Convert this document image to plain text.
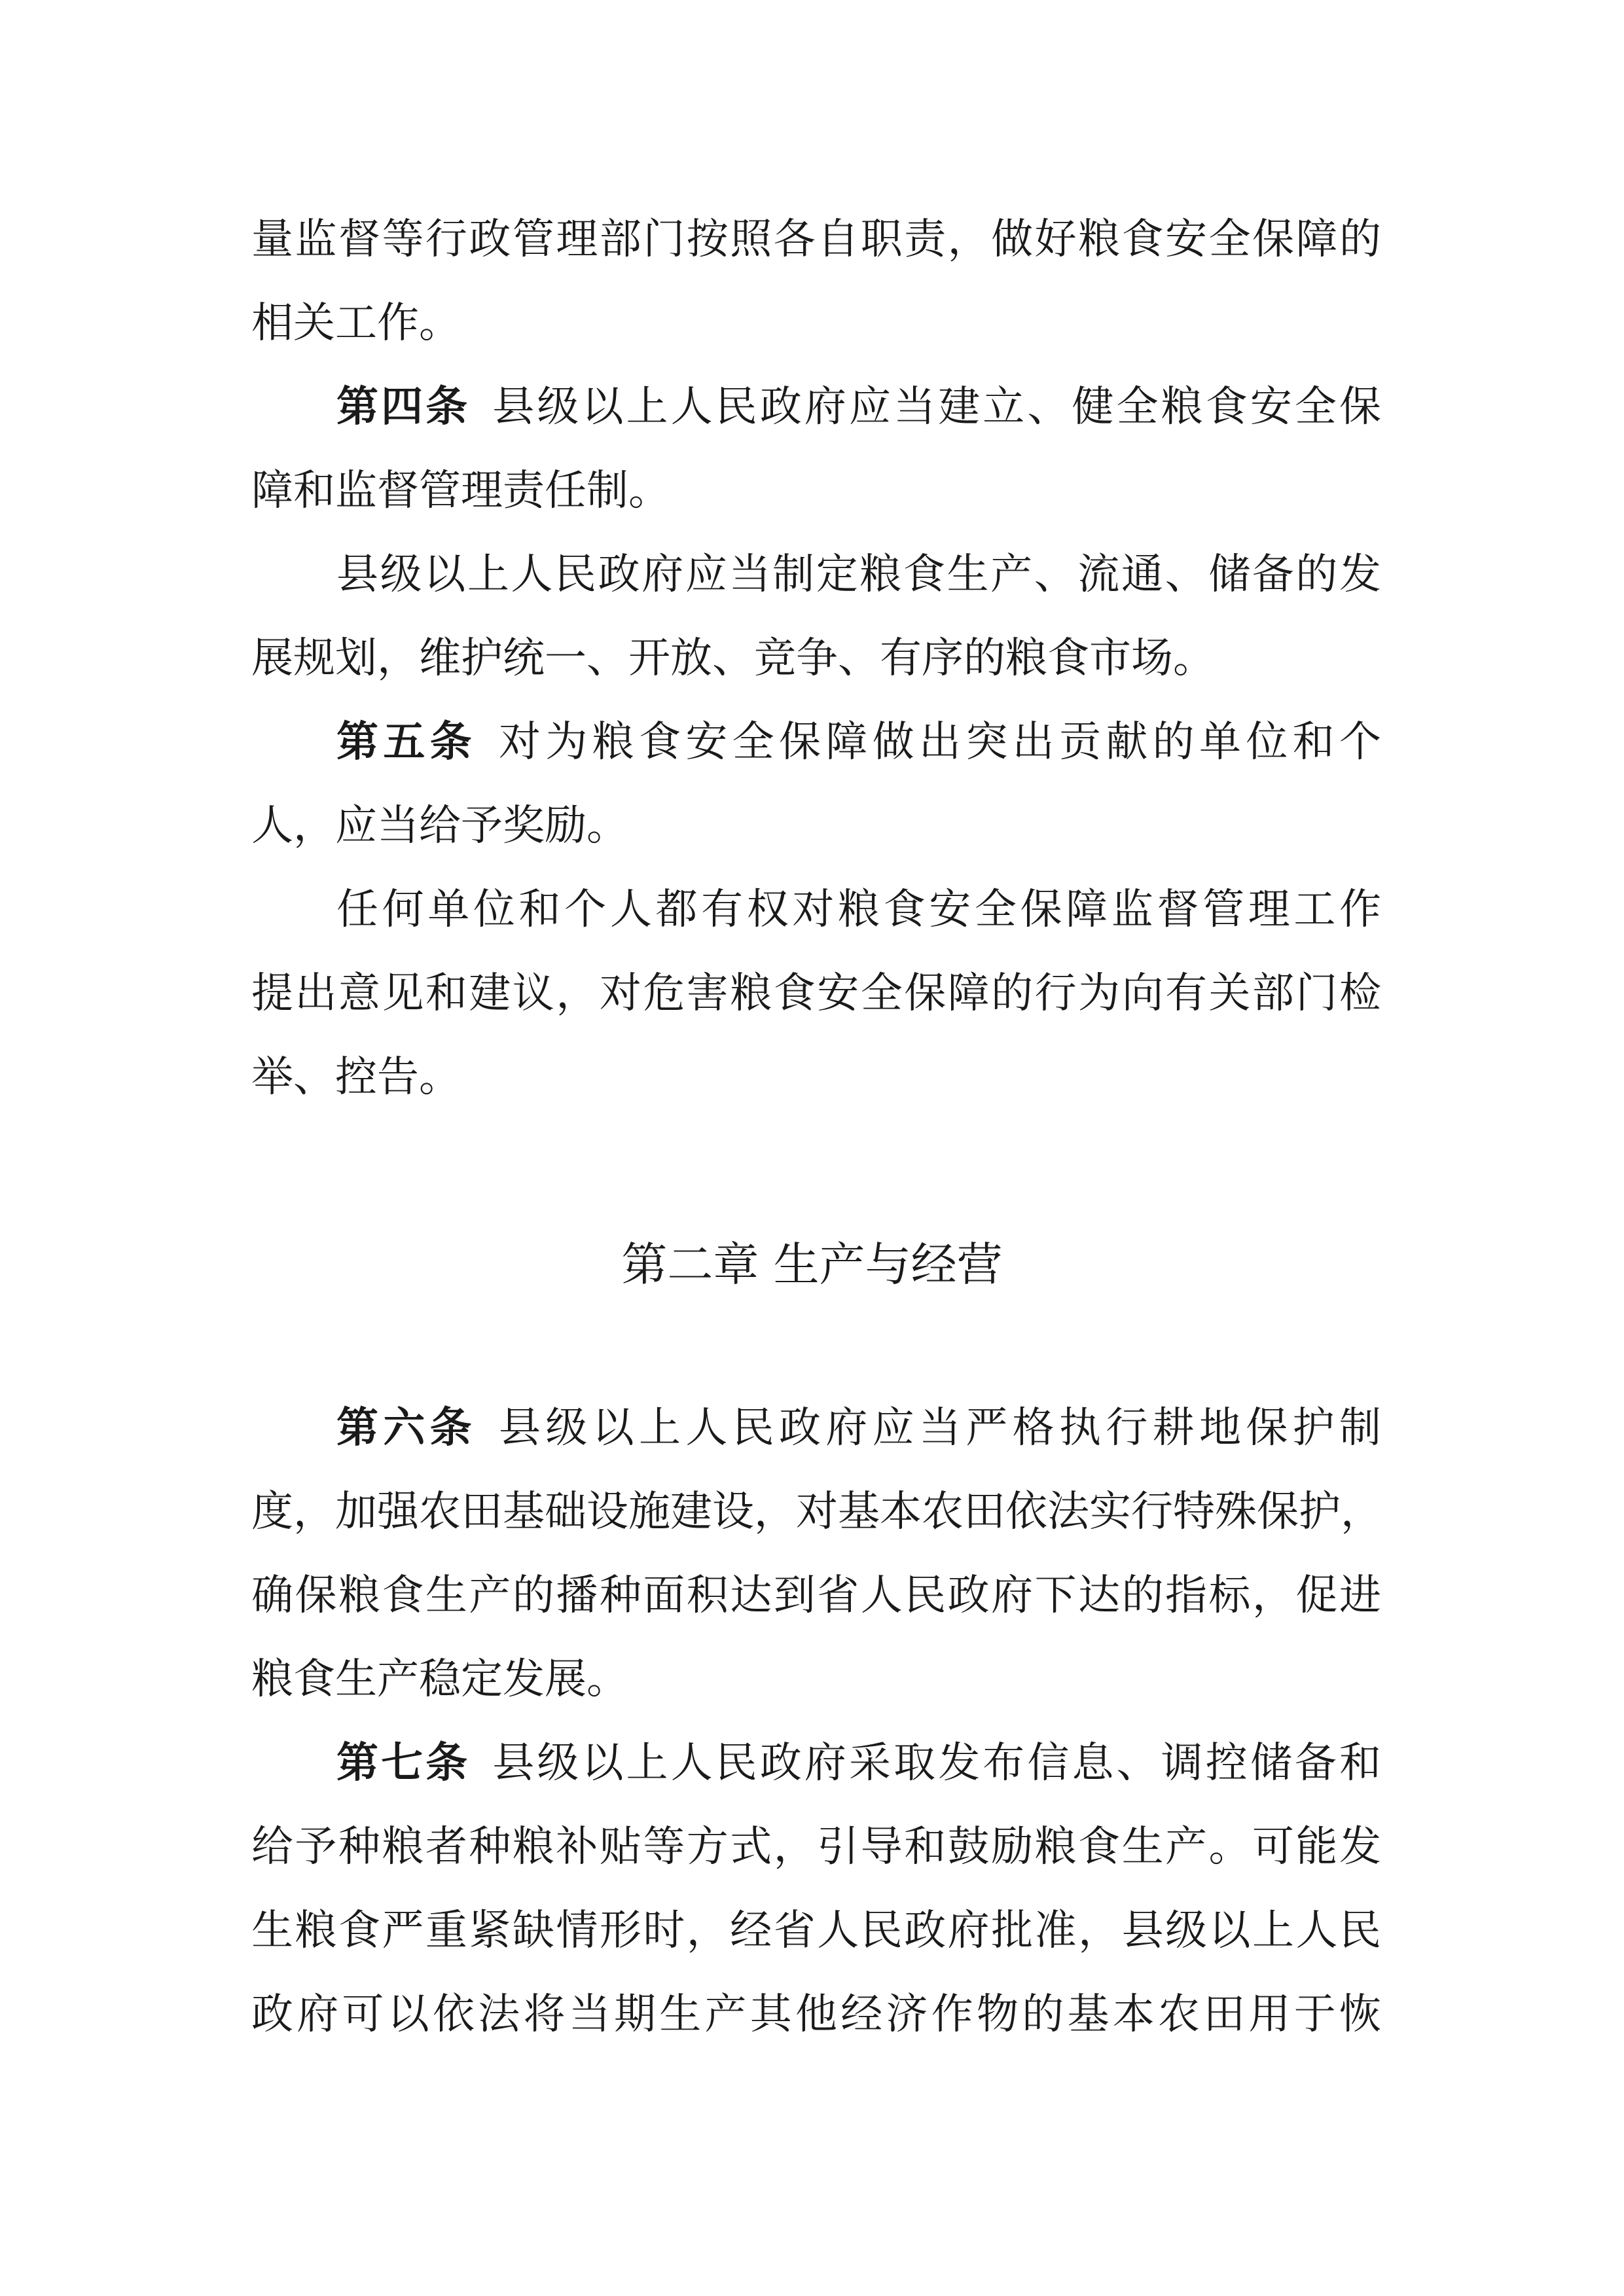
量监督等行政管理部门按照各自职责，做好粮食安全保障的
相关工作。
第四条 县级以上人民政府应当建立、健全粮食安全保
障和监督管理责任制。
县级以上人民政府应当制定粮食生产、流通、储备的发
展规划，维护统一、开放、竞争、有序的粮食市场。
第五条 对为粮食安全保障做出突出贡献的单位和个
人，应当给予奖励。
任何单位和个人都有权对粮食安全保障监督管理工作
提出意见和建议，对危害粮食安全保障的行为向有关部门检
举、控告。
第二章 生产与经营
第六条 县级以上人民政府应当严格执行耕地保护制
度，加强农田基础设施建设，对基本农田依法实行特殊保护，
确保粮食生产的播种面积达到省人民政府下达的指标，促进
粮食生产稳定发展。
第七条 县级以上人民政府采取发布信息、调控储备和
给予种粮者种粮补贴等方式，引导和鼓励粮食生产。可能发
生粮食严重紧缺情形时，经省人民政府批准，县级以上人民
政府可以依法将当期生产其他经济作物的基本农田用于恢
